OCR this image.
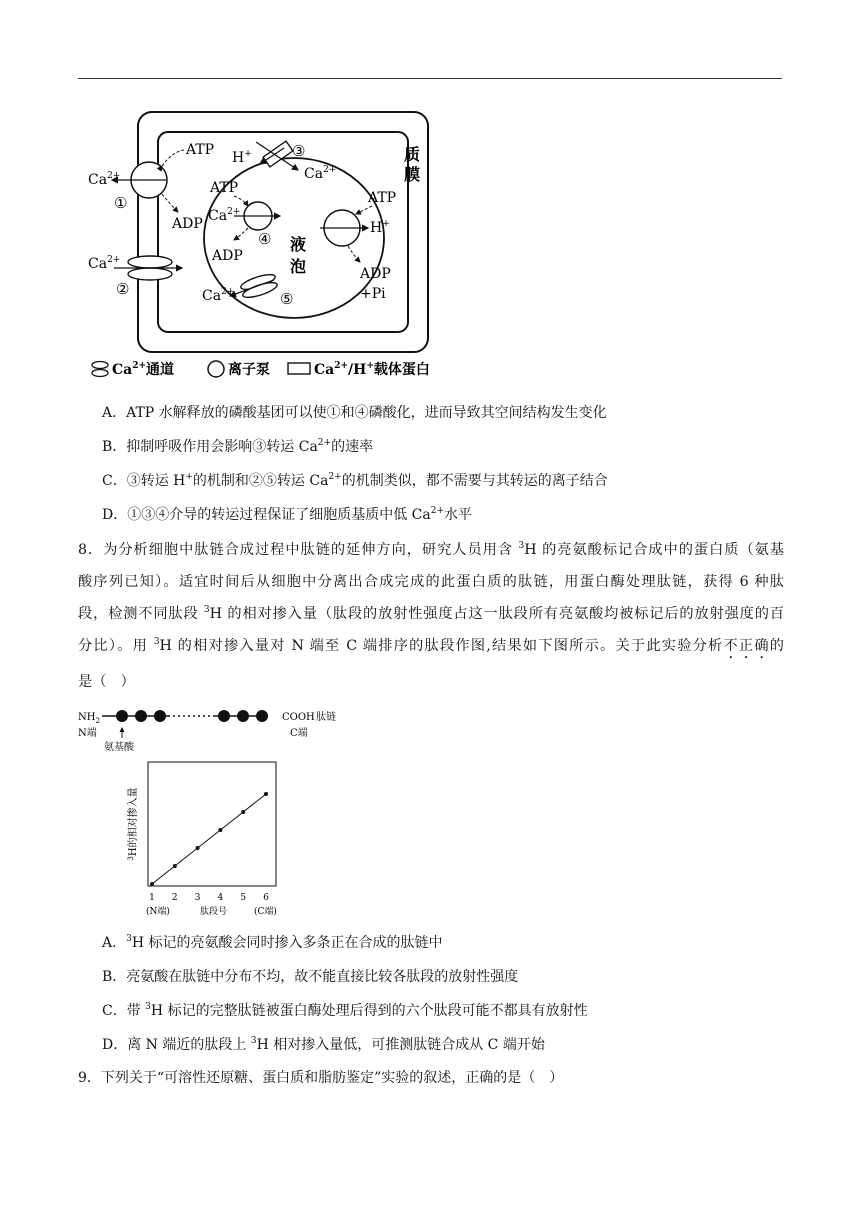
$Ca^{2+}$
①
ATP
ADP
$Ca^{2+}$
②
H+	③
$Ca^{2+}$
$Ca^{2+}$
ATP
ADP
④ 液
泡
H+
ATP
ADP
+Pi
$Ca^{2+}$	⑤
质
膜
$Ca^{2+}$通道	离子泵	$Ca^{2+}/H^+$载体蛋白
A．ATP 水解释放的磷酸基团可以使①和④磷酸化，进而导致其空间结构发生变化
B．抑制呼吸作用会影响③转运 $Ca^{2+}$的速率
C．③转运 H+的机制和②⑤转运 $Ca^{2+}$的机制类似，都不需要与其转运的离子结合
D．①③④介导的转运过程保证了细胞质基质中低 $Ca^{2+}$水平
8．为分析细胞中肽链合成过程中肽链的延伸方向，研究人员用含 $^3$H 的亮氨酸标记合成中的蛋白质（氨基
酸序列已知）。适宜时间后从细胞中分离出合成完成的此蛋白质的肽链，用蛋白酶处理肽链，获得 6 种肽
段，检测不同肽段 $^3$H 的相对掺入量（肽段的放射性强度占这一肽段所有亮氨酸均被标记后的放射强度的百
分比）。用 $^3$H 的相对掺入量对 N 端至 C 端排序的肽段作图,结果如下图所示。关于此实验分析不正确的
是（　）
$NH_2$	COOH 肽链
N端	C端
氨基酸
1 2 3 4 5 6
$^3$H的相对掺入量
(N端)	肽段号	(C端)
A．$^3$H 标记的亮氨酸会同时掺入多条正在合成的肽链中
B．亮氨酸在肽链中分布不均，故不能直接比较各肽段的放射性强度
C．带 $^3$H 标记的完整肽链被蛋白酶处理后得到的六个肽段可能不都具有放射性
D．离 N 端近的肽段上 $^3$H 相对掺入量低，可推测肽链合成从 C 端开始
9．下列关于“可溶性还原糖、蛋白质和脂肪鉴定”实验的叙述，正确的是（　）
